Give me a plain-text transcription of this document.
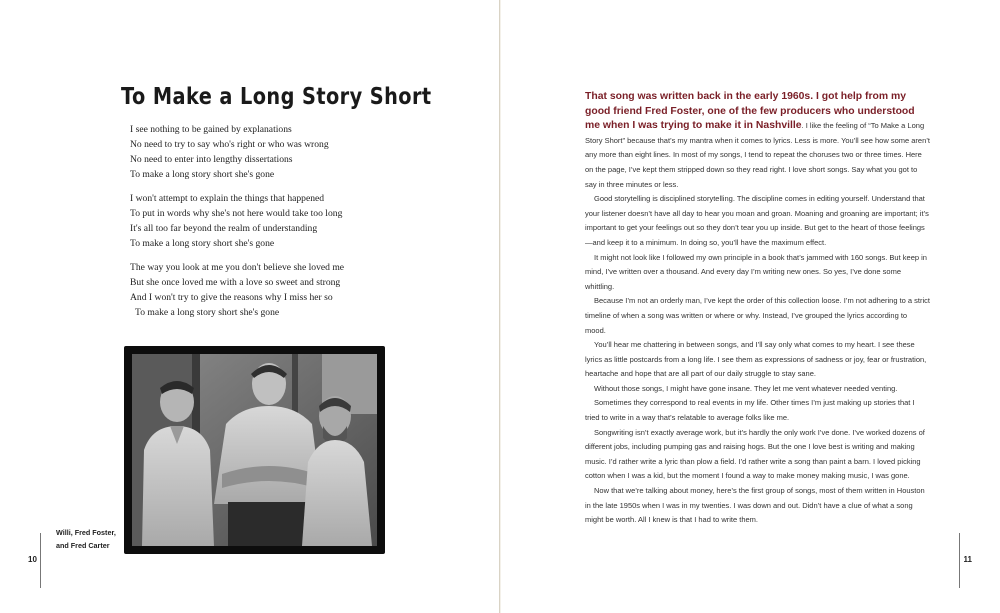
To Make a Long Story Short
I see nothing to be gained by explanations
No need to try to say who's right or who was wrong
No need to enter into lengthy dissertations
To make a long story short she's gone
I won't attempt to explain the things that happened
To put in words why she's not here would take too long
It's all too far beyond the realm of understanding
To make a long story short she's gone
The way you look at me you don't believe she loved me
But she once loved me with a love so sweet and strong
And I won't try to give the reasons why I miss her so
To make a long story short she's gone
Willi, Fred Foster,
and Fred Carter
10

That song was written back in the early 1960s. I got help from my good friend Fred Foster, one of the few producers who understood me when I was trying to make it in Nashville. I like the feeling of “To Make a Long Story Short” because that’s my mantra when it comes to lyrics. Less is more. You’ll see how some aren’t any more than eight lines. In most of my songs, I tend to repeat the choruses two or three times. Here on the page, I’ve kept them stripped down so they read right. I love short songs. Say what you got to say in three minutes or less.

Good storytelling is disciplined storytelling. The discipline comes in editing yourself. Understand that your listener doesn’t have all day to hear you moan and groan. Moaning and groaning are important; it’s important to get your feelings out so they don’t tear you up inside. But get to the heart of those feelings—and keep it to a minimum. In doing so, you’ll have the maximum effect.

It might not look like I followed my own principle in a book that’s jammed with 160 songs. But keep in mind, I’ve written over a thousand. And every day I’m writing new ones. So yes, I’ve done some whittling.

Because I’m not an orderly man, I’ve kept the order of this collection loose. I’m not adhering to a strict timeline of when a song was written or where or why. Instead, I’ve grouped the lyrics according to mood.

You’ll hear me chattering in between songs, and I’ll say only what comes to my heart. I see these lyrics as little postcards from a long life. I see them as expressions of sadness or joy, fear or frustration, heartache and hope that are all part of our daily struggle to stay sane.

Without those songs, I might have gone insane. They let me vent whatever needed venting.

Sometimes they correspond to real events in my life. Other times I’m just making up stories that I tried to write in a way that’s relatable to average folks like me.

Songwriting isn’t exactly average work, but it’s hardly the only work I’ve done. I’ve worked dozens of different jobs, including pumping gas and raising hogs. But the one I love best is writing and making music. I’d rather write a lyric than plow a field. I’d rather write a song than paint a barn. I loved picking cotton when I was a kid, but the moment I found a way to make money making music, I was gone.

Now that we’re talking about money, here’s the first group of songs, most of them written in Houston in the late 1950s when I was in my twenties. I was down and out. Didn’t have a clue of what a song might be worth. All I knew is that I had to write them.

11
